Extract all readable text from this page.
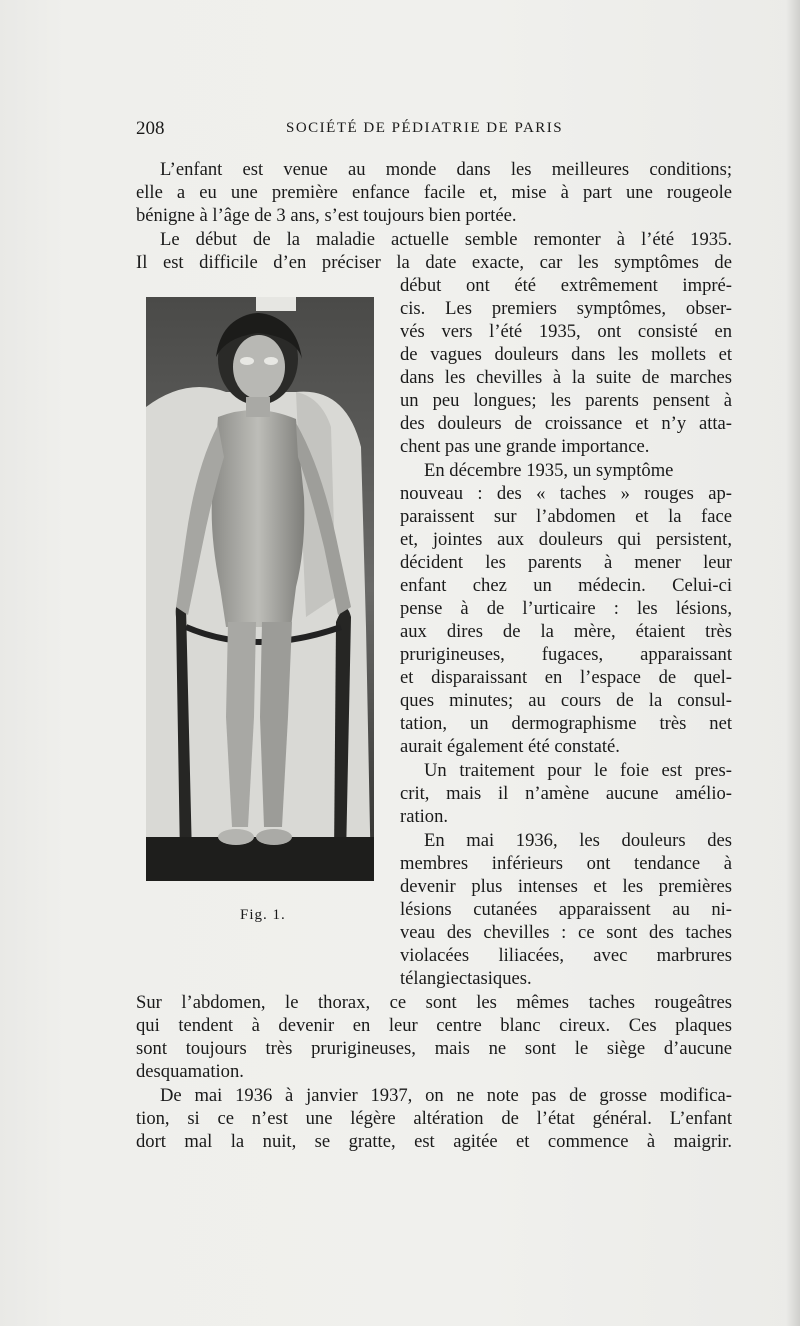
208	SOCIÉTÉ DE PÉDIATRIE DE PARIS
L’enfant est venue au monde dans les meilleures conditions;
elle a eu une première enfance facile et, mise à part une rougeole
bénigne à l’âge de 3 ans, s’est toujours bien portée.
Le début de la maladie actuelle semble remonter à l’été 1935.
Il est difficile d’en préciser la date exacte, car les symptômes de
début ont été extrêmement impré-
cis. Les premiers symptômes, obser-
vés vers l’été 1935, ont consisté en
de vagues douleurs dans les mollets et
dans les chevilles à la suite de marches
un peu longues; les parents pensent à
des douleurs de croissance et n’y atta-
chent pas une grande importance.
En décembre 1935, un symptôme
nouveau : des « taches » rouges ap-
paraissent sur l’abdomen et la face
et, jointes aux douleurs qui persistent,
décident les parents à mener leur
enfant chez un médecin. Celui-ci
pense à de l’urticaire : les lésions,
aux dires de la mère, étaient très
prurigineuses, fugaces, apparaissant
et disparaissant en l’espace de quel-
ques minutes; au cours de la consul-
tation, un dermographisme très net
aurait également été constaté.
Un traitement pour le foie est pres-
crit, mais il n’amène aucune amélio-
ration.
En mai 1936, les douleurs des
membres inférieurs ont tendance à
devenir plus intenses et les premières
lésions cutanées apparaissent au ni-
veau des chevilles : ce sont des taches
violacées liliacées, avec marbrures
télangiectasiques.
Sur l’abdomen, le thorax, ce sont les mêmes taches rougeâtres
qui tendent à devenir en leur centre blanc cireux. Ces plaques
sont toujours très prurigineuses, mais ne sont le siège d’aucune
desquamation.
De mai 1936 à janvier 1937, on ne note pas de grosse modifica-
tion, si ce n’est une légère altération de l’état général. L’enfant
dort mal la nuit, se gratte, est agitée et commence à maigrir.
Fig. 1.
